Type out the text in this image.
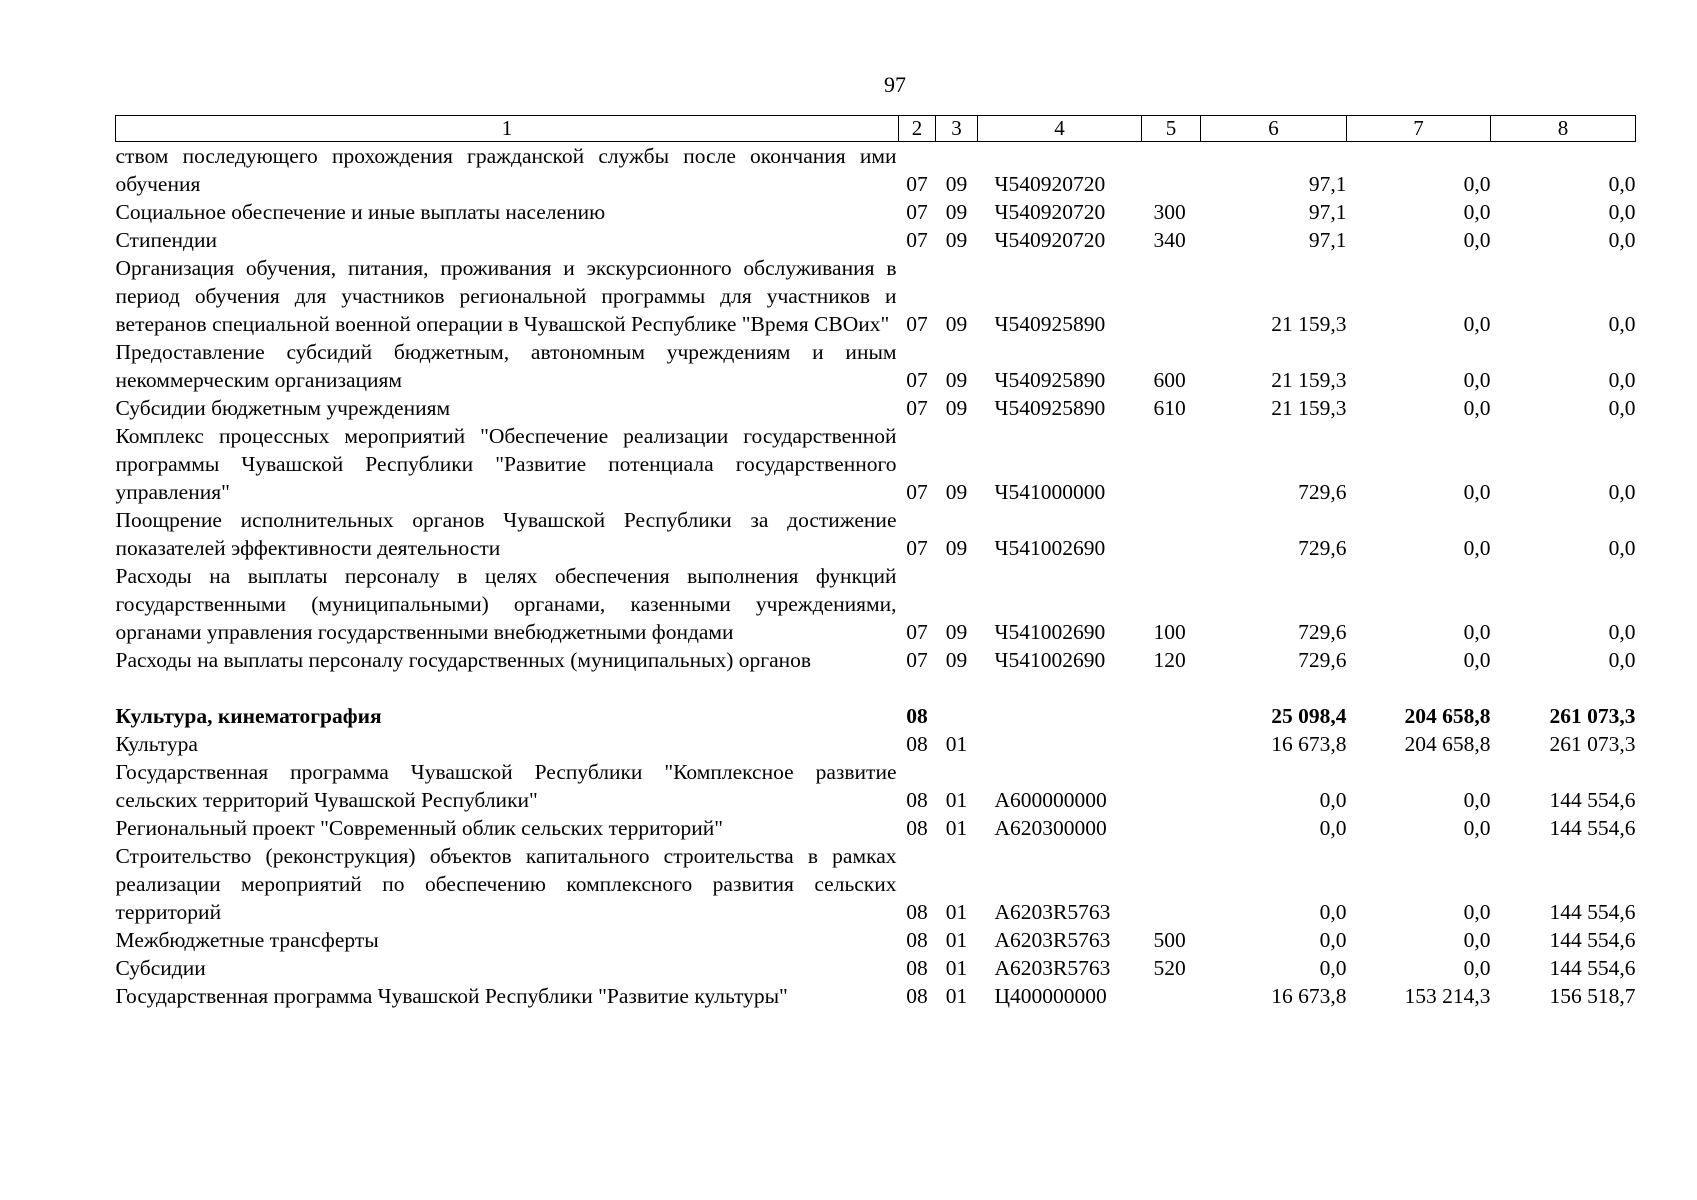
97
1	2	3	4	5	6	7	8
ством последующего прохождения гражданской службы после окончания ими обучения	07	09	Ч540920720		97,1	0,0	0,0
Социальное обеспечение и иные выплаты населению	07	09	Ч540920720	300	97,1	0,0	0,0
Стипендии	07	09	Ч540920720	340	97,1	0,0	0,0
Организация обучения, питания, проживания и экскурсионного обслуживания в период обучения для участников региональной программы для участников и ветеранов специальной военной операции в Чувашской Республике "Время СВОих"	07	09	Ч540925890		21 159,3	0,0	0,0
Предоставление субсидий бюджетным, автономным учреждениям и иным некоммерческим организациям	07	09	Ч540925890	600	21 159,3	0,0	0,0
Субсидии бюджетным учреждениям	07	09	Ч540925890	610	21 159,3	0,0	0,0
Комплекс процессных мероприятий "Обеспечение реализации государственной программы Чувашской Республики "Развитие потенциала государственного управления"	07	09	Ч541000000		729,6	0,0	0,0
Поощрение исполнительных органов Чувашской Республики за достижение показателей эффективности деятельности	07	09	Ч541002690		729,6	0,0	0,0
Расходы на выплаты персоналу в целях обеспечения выполнения функций государственными (муниципальными) органами, казенными учреждениями, органами управления государственными внебюджетными фондами	07	09	Ч541002690	100	729,6	0,0	0,0
Расходы на выплаты персоналу государственных (муниципальных) органов	07	09	Ч541002690	120	729,6	0,0	0,0

Культура, кинематография	08				25 098,4	204 658,8	261 073,3
Культура	08	01			16 673,8	204 658,8	261 073,3
Государственная программа Чувашской Республики "Комплексное развитие сельских территорий Чувашской Республики"	08	01	А600000000		0,0	0,0	144 554,6
Региональный проект "Современный облик сельских территорий"	08	01	А620300000		0,0	0,0	144 554,6
Строительство (реконструкция) объектов капитального строительства в рамках реализации мероприятий по обеспечению комплексного развития сельских территорий	08	01	А6203R5763		0,0	0,0	144 554,6
Межбюджетные трансферты	08	01	А6203R5763	500	0,0	0,0	144 554,6
Субсидии	08	01	А6203R5763	520	0,0	0,0	144 554,6
Государственная программа Чувашской Республики "Развитие культуры"	08	01	Ц400000000		16 673,8	153 214,3	156 518,7
